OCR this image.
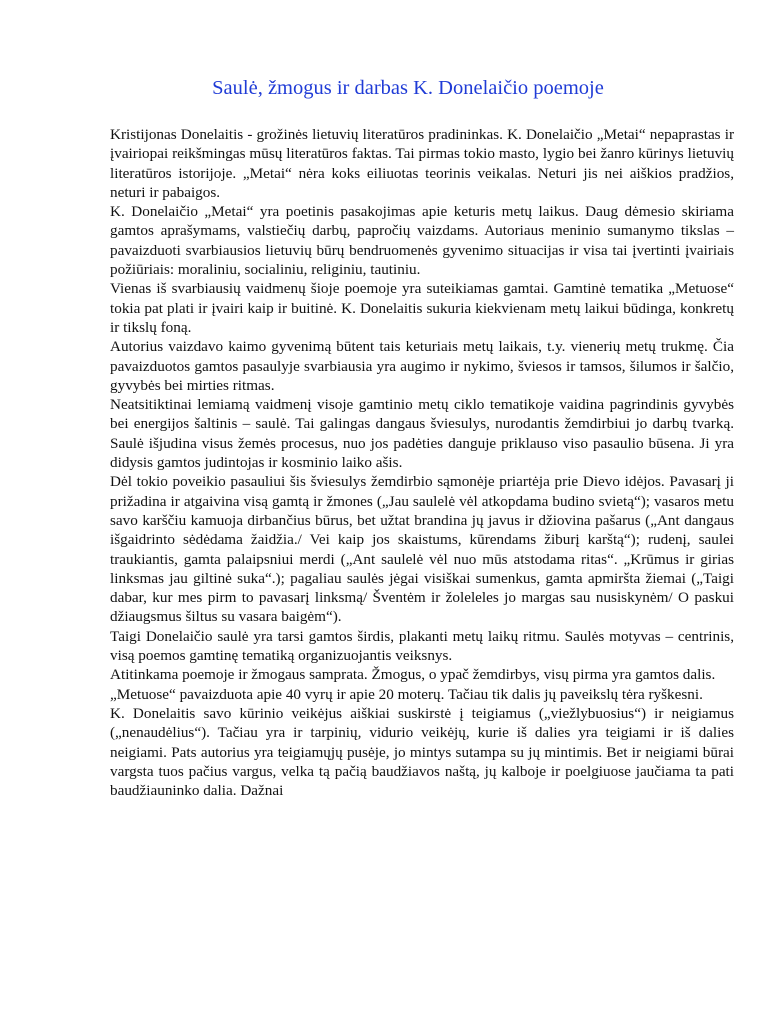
Saulė, žmogus ir darbas K. Donelaičio poemoje

Kristijonas Donelaitis - grožinės lietuvių literatūros pradininkas. K. Donelaičio „Metai“ nepaprastas ir įvairiopai reikšmingas mūsų literatūros faktas. Tai pirmas tokio masto, lygio bei žanro kūrinys lietuvių literatūros istorijoje. „Metai“ nėra koks eiliuotas teorinis veikalas. Neturi jis nei aiškios pradžios, neturi ir pabaigos.

K. Donelaičio „Metai“ yra poetinis pasakojimas apie keturis metų laikus. Daug dėmesio skiriama gamtos aprašymams, valstiečių darbų, papročių vaizdams. Autoriaus meninio sumanymo tikslas – pavaizduoti svarbiausios lietuvių būrų bendruomenės gyvenimo situacijas ir visa tai įvertinti įvairiais požiūriais: moraliniu, socialiniu, religiniu, tautiniu.

Vienas iš svarbiausių vaidmenų šioje poemoje yra suteikiamas gamtai. Gamtinė tematika „Metuose“ tokia pat plati ir įvairi kaip ir buitinė. K. Donelaitis sukuria kiekvienam metų laikui būdinga, konkretų ir tikslų foną.

Autorius vaizdavo kaimo gyvenimą būtent tais keturiais metų laikais, t.y. vienerių metų trukmę. Čia pavaizduotos gamtos pasaulyje svarbiausia yra augimo ir nykimo, šviesos ir tamsos, šilumos ir šalčio, gyvybės bei mirties ritmas.

Neatsitiktinai lemiamą vaidmenį visoje gamtinio metų ciklo tematikoje vaidina pagrindinis gyvybės bei energijos šaltinis – saulė. Tai galingas dangaus šviesulys, nurodantis žemdirbiui jo darbų tvarką. Saulė išjudina visus žemės procesus, nuo jos padėties danguje priklauso viso pasaulio būsena. Ji yra didysis gamtos judintojas ir kosminio laiko ašis.

Dėl tokio poveikio pasauliui šis šviesulys žemdirbio sąmonėje priartėja prie Dievo idėjos. Pavasarį ji prižadina ir atgaivina visą gamtą ir žmones („Jau saulelė vėl atkopdama budino svietą“); vasaros metu savo karščiu kamuoja dirbančius būrus, bet užtat brandina jų javus ir džiovina pašarus („Ant dangaus išgaidrinto sėdėdama žaidžia./ Vei kaip jos skaistums, kūrendams žiburį karštą“); rudenį, saulei traukiantis, gamta palaipsniui merdi („Ant saulelė vėl nuo mūs atstodama ritas“. „Krūmus ir girias linksmas jau giltinė suka“.); pagaliau saulės jėgai visiškai sumenkus, gamta apmiršta žiemai („Taigi dabar, kur mes pirm to pavasarį linksmą/ Šventėm ir žoleleles jo margas sau nusiskynėm/ O paskui džiaugsmus šiltus su vasara baigėm“).

Taigi Donelaičio saulė yra tarsi gamtos širdis, plakanti metų laikų ritmu. Saulės motyvas – centrinis, visą poemos gamtinę tematiką organizuojantis veiksnys.

Atitinkama poemoje ir žmogaus samprata. Žmogus, o ypač žemdirbys, visų pirma yra gamtos dalis.

„Metuose“ pavaizduota apie 40 vyrų ir apie 20 moterų. Tačiau tik dalis jų paveikslų tėra ryškesni.

K. Donelaitis savo kūrinio veikėjus aiškiai suskirstė į teigiamus („viežlybuosius“) ir neigiamus („nenaudėlius“). Tačiau yra ir tarpinių, vidurio veikėjų, kurie iš dalies yra teigiami ir iš dalies neigiami. Pats autorius yra teigiamųjų pusėje, jo mintys sutampa su jų mintimis. Bet ir neigiami būrai vargsta tuos pačius vargus, velka tą pačią baudžiavos naštą, jų kalboje ir poelgiuose jaučiama ta pati baudžiauninko dalia. Dažnai
